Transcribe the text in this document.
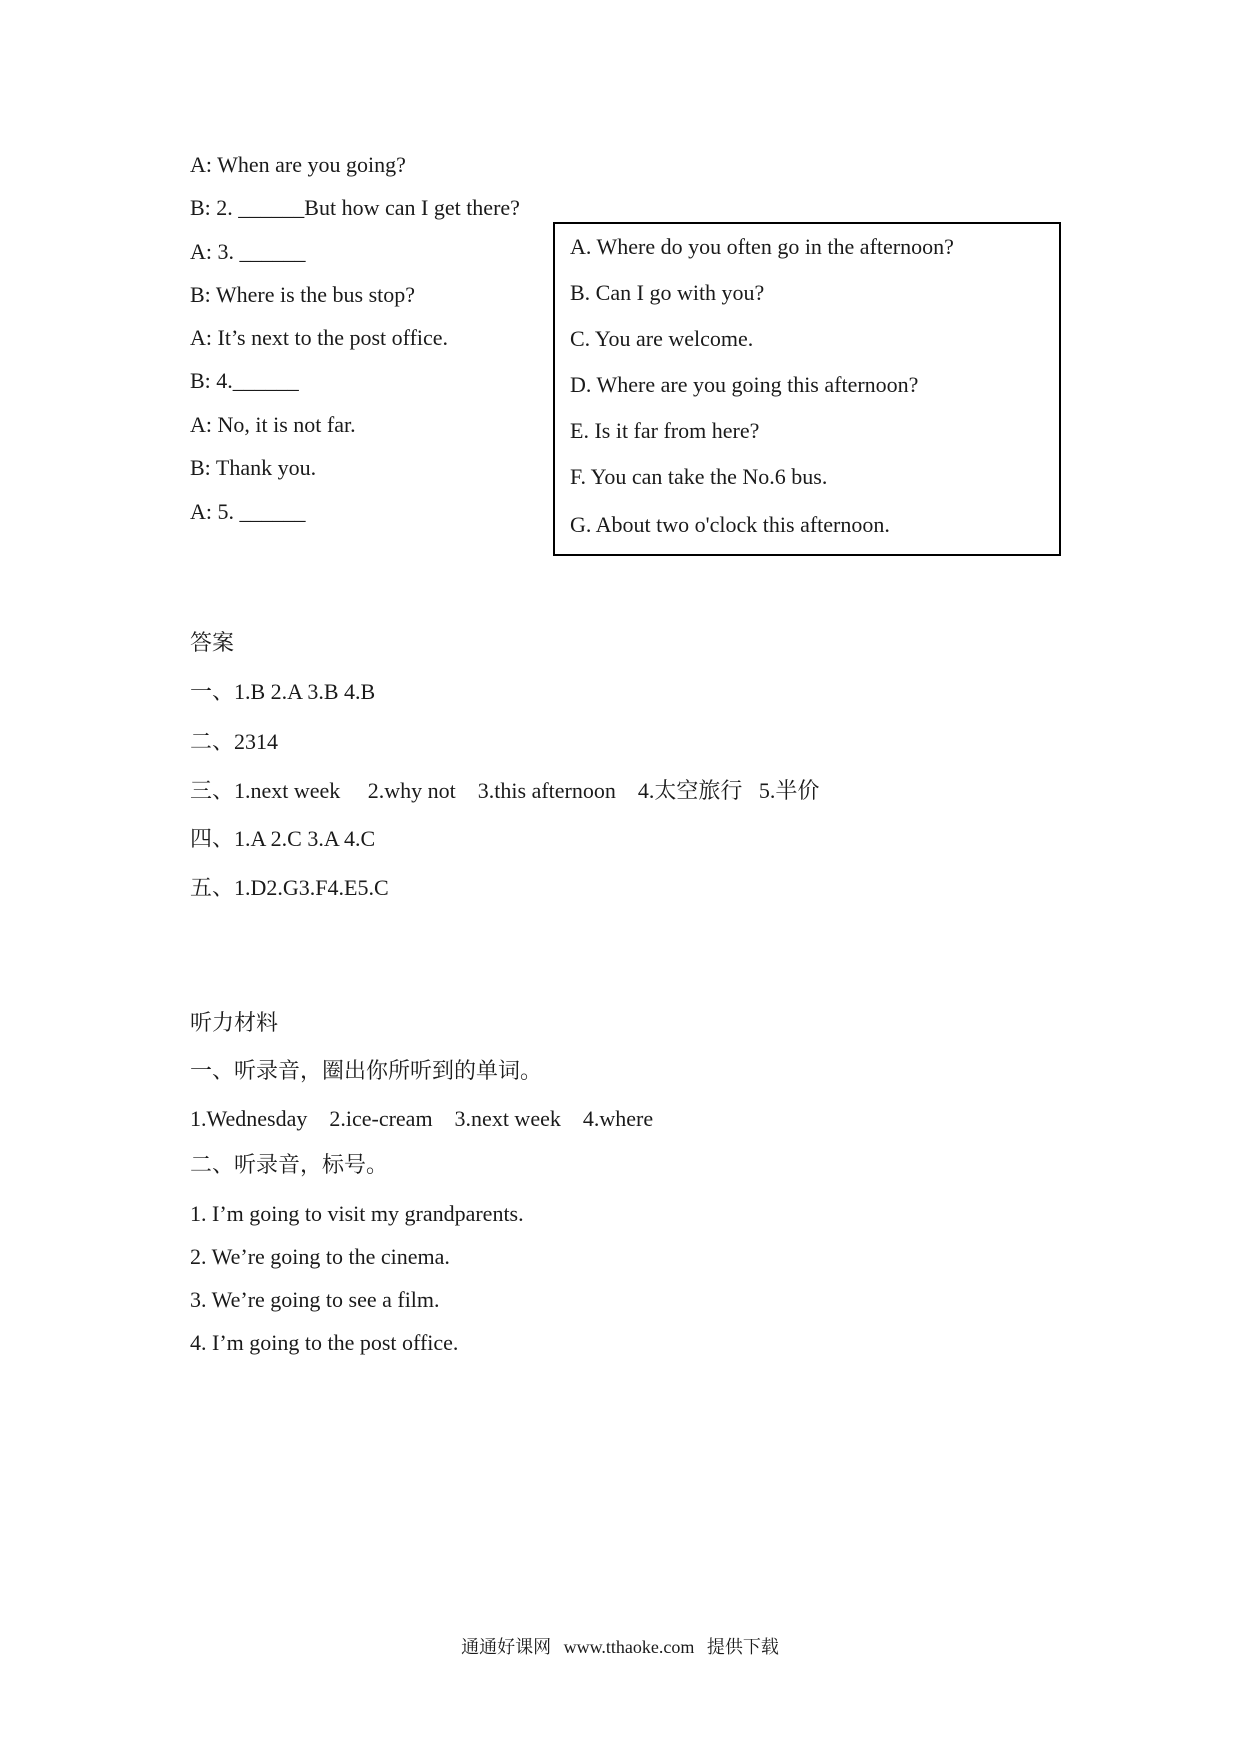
A: When are you going?
B: 2. ______But how can I get there?
A: 3. ______
B: Where is the bus stop?
A: It’s next to the post office.
B: 4.______
A: No, it is not far.
B: Thank you.
A: 5. ______
A. Where do you often go in the afternoon?
B. Can I go with you?
C. You are welcome.
D. Where are you going this afternoon?
E. Is it far from here?
F. You can take the No.6 bus.
G. About two o'clock this afternoon.
答案
一、1.B 2.A 3.B 4.B
二、2314
三、1.next week     2.why not    3.this afternoon    4.太空旅行   5.半价
四、1.A 2.C 3.A 4.C
五、1.D2.G3.F4.E5.C
听力材料
一、听录音，圈出你所听到的单词。
1.Wednesday    2.ice-cream    3.next week    4.where
二、听录音，标号。
1. I’m going to visit my grandparents.
2. We’re going to the cinema.
3. We’re going to see a film.
4. I’m going to the post office.
通通好课网 www.tthaoke.com 提供下载
